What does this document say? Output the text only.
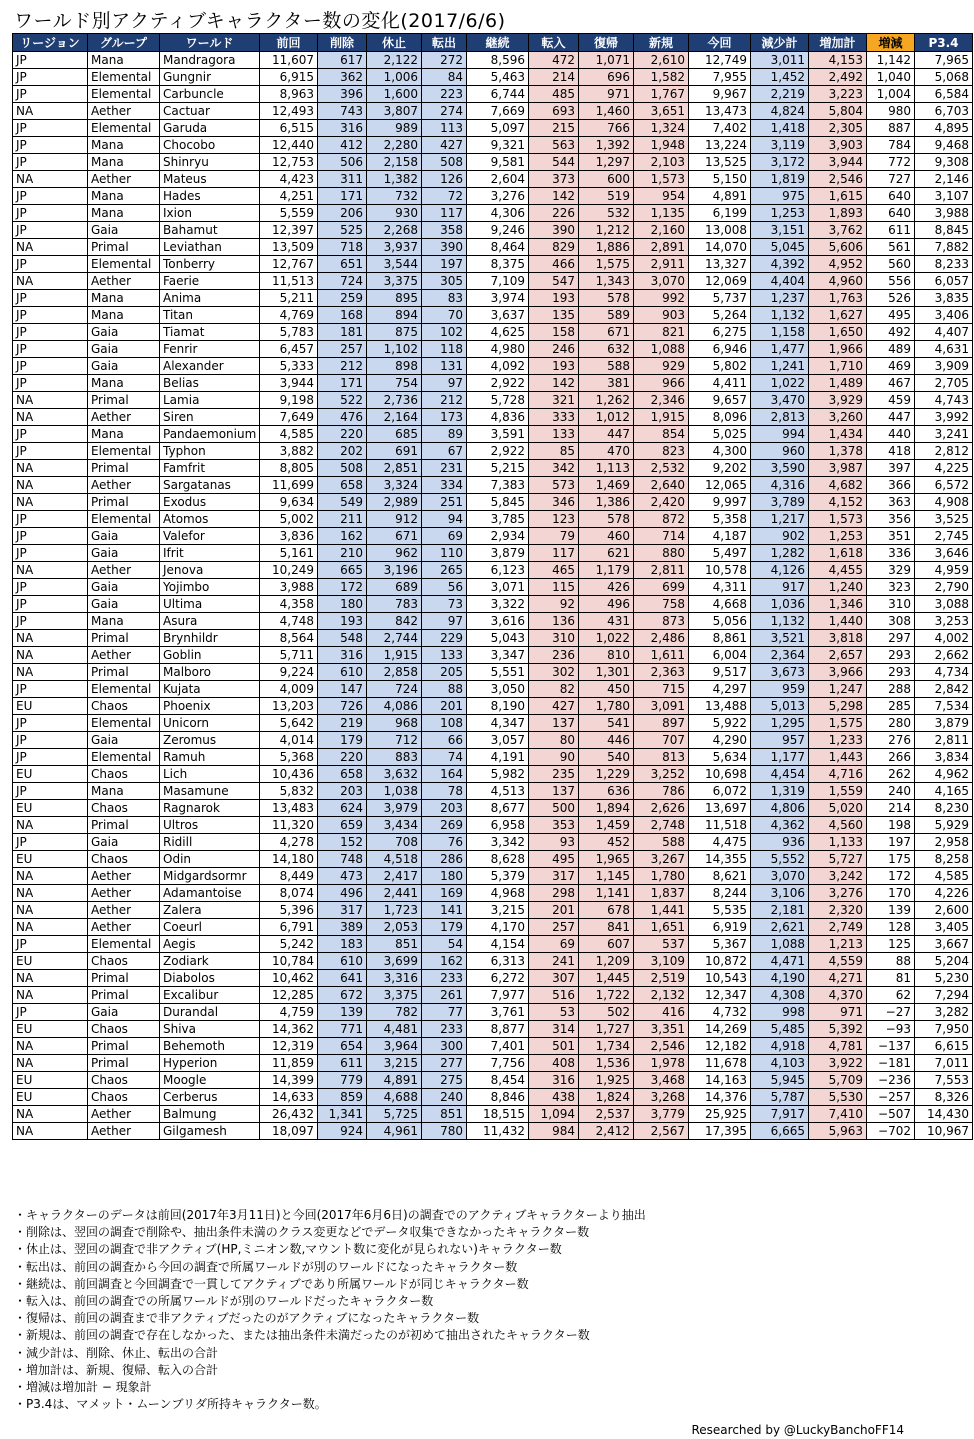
ワールド別アクティブキャラクター数の変化(2017/6/6)
リージョン	グループ	ワールド	前回	削除	休止	転出	継続	転入	復帰	新規	今回	減少計	増加計	増減	P3.4
JP	Mana	Mandragora	11,607	617	2,122	272	8,596	472	1,071	2,610	12,749	3,011	4,153	1,142	7,965
JP	Elemental	Gungnir	6,915	362	1,006	84	5,463	214	696	1,582	7,955	1,452	2,492	1,040	5,068
JP	Elemental	Carbuncle	8,963	396	1,600	223	6,744	485	971	1,767	9,967	2,219	3,223	1,004	6,584
NA	Aether	Cactuar	12,493	743	3,807	274	7,669	693	1,460	3,651	13,473	4,824	5,804	980	6,703
JP	Elemental	Garuda	6,515	316	989	113	5,097	215	766	1,324	7,402	1,418	2,305	887	4,895
JP	Mana	Chocobo	12,440	412	2,280	427	9,321	563	1,392	1,948	13,224	3,119	3,903	784	9,468
JP	Mana	Shinryu	12,753	506	2,158	508	9,581	544	1,297	2,103	13,525	3,172	3,944	772	9,308
NA	Aether	Mateus	4,423	311	1,382	126	2,604	373	600	1,573	5,150	1,819	2,546	727	2,146
JP	Mana	Hades	4,251	171	732	72	3,276	142	519	954	4,891	975	1,615	640	3,107
JP	Mana	Ixion	5,559	206	930	117	4,306	226	532	1,135	6,199	1,253	1,893	640	3,988
JP	Gaia	Bahamut	12,397	525	2,268	358	9,246	390	1,212	2,160	13,008	3,151	3,762	611	8,845
NA	Primal	Leviathan	13,509	718	3,937	390	8,464	829	1,886	2,891	14,070	5,045	5,606	561	7,882
JP	Elemental	Tonberry	12,767	651	3,544	197	8,375	466	1,575	2,911	13,327	4,392	4,952	560	8,233
NA	Aether	Faerie	11,513	724	3,375	305	7,109	547	1,343	3,070	12,069	4,404	4,960	556	6,057
JP	Mana	Anima	5,211	259	895	83	3,974	193	578	992	5,737	1,237	1,763	526	3,835
JP	Mana	Titan	4,769	168	894	70	3,637	135	589	903	5,264	1,132	1,627	495	3,406
JP	Gaia	Tiamat	5,783	181	875	102	4,625	158	671	821	6,275	1,158	1,650	492	4,407
JP	Gaia	Fenrir	6,457	257	1,102	118	4,980	246	632	1,088	6,946	1,477	1,966	489	4,631
JP	Gaia	Alexander	5,333	212	898	131	4,092	193	588	929	5,802	1,241	1,710	469	3,909
JP	Mana	Belias	3,944	171	754	97	2,922	142	381	966	4,411	1,022	1,489	467	2,705
NA	Primal	Lamia	9,198	522	2,736	212	5,728	321	1,262	2,346	9,657	3,470	3,929	459	4,743
NA	Aether	Siren	7,649	476	2,164	173	4,836	333	1,012	1,915	8,096	2,813	3,260	447	3,992
JP	Mana	Pandaemonium	4,585	220	685	89	3,591	133	447	854	5,025	994	1,434	440	3,241
JP	Elemental	Typhon	3,882	202	691	67	2,922	85	470	823	4,300	960	1,378	418	2,812
NA	Primal	Famfrit	8,805	508	2,851	231	5,215	342	1,113	2,532	9,202	3,590	3,987	397	4,225
NA	Aether	Sargatanas	11,699	658	3,324	334	7,383	573	1,469	2,640	12,065	4,316	4,682	366	6,572
NA	Primal	Exodus	9,634	549	2,989	251	5,845	346	1,386	2,420	9,997	3,789	4,152	363	4,908
JP	Elemental	Atomos	5,002	211	912	94	3,785	123	578	872	5,358	1,217	1,573	356	3,525
JP	Gaia	Valefor	3,836	162	671	69	2,934	79	460	714	4,187	902	1,253	351	2,745
JP	Gaia	Ifrit	5,161	210	962	110	3,879	117	621	880	5,497	1,282	1,618	336	3,646
NA	Aether	Jenova	10,249	665	3,196	265	6,123	465	1,179	2,811	10,578	4,126	4,455	329	4,959
JP	Gaia	Yojimbo	3,988	172	689	56	3,071	115	426	699	4,311	917	1,240	323	2,790
JP	Gaia	Ultima	4,358	180	783	73	3,322	92	496	758	4,668	1,036	1,346	310	3,088
JP	Mana	Asura	4,748	193	842	97	3,616	136	431	873	5,056	1,132	1,440	308	3,253
NA	Primal	Brynhildr	8,564	548	2,744	229	5,043	310	1,022	2,486	8,861	3,521	3,818	297	4,002
NA	Aether	Goblin	5,711	316	1,915	133	3,347	236	810	1,611	6,004	2,364	2,657	293	2,662
NA	Primal	Malboro	9,224	610	2,858	205	5,551	302	1,301	2,363	9,517	3,673	3,966	293	4,734
JP	Elemental	Kujata	4,009	147	724	88	3,050	82	450	715	4,297	959	1,247	288	2,842
EU	Chaos	Phoenix	13,203	726	4,086	201	8,190	427	1,780	3,091	13,488	5,013	5,298	285	7,534
JP	Elemental	Unicorn	5,642	219	968	108	4,347	137	541	897	5,922	1,295	1,575	280	3,879
JP	Gaia	Zeromus	4,014	179	712	66	3,057	80	446	707	4,290	957	1,233	276	2,811
JP	Elemental	Ramuh	5,368	220	883	74	4,191	90	540	813	5,634	1,177	1,443	266	3,834
EU	Chaos	Lich	10,436	658	3,632	164	5,982	235	1,229	3,252	10,698	4,454	4,716	262	4,962
JP	Mana	Masamune	5,832	203	1,038	78	4,513	137	636	786	6,072	1,319	1,559	240	4,165
EU	Chaos	Ragnarok	13,483	624	3,979	203	8,677	500	1,894	2,626	13,697	4,806	5,020	214	8,230
NA	Primal	Ultros	11,320	659	3,434	269	6,958	353	1,459	2,748	11,518	4,362	4,560	198	5,929
JP	Gaia	Ridill	4,278	152	708	76	3,342	93	452	588	4,475	936	1,133	197	2,958
EU	Chaos	Odin	14,180	748	4,518	286	8,628	495	1,965	3,267	14,355	5,552	5,727	175	8,258
NA	Aether	Midgardsormr	8,449	473	2,417	180	5,379	317	1,145	1,780	8,621	3,070	3,242	172	4,585
NA	Aether	Adamantoise	8,074	496	2,441	169	4,968	298	1,141	1,837	8,244	3,106	3,276	170	4,226
NA	Aether	Zalera	5,396	317	1,723	141	3,215	201	678	1,441	5,535	2,181	2,320	139	2,600
NA	Aether	Coeurl	6,791	389	2,053	179	4,170	257	841	1,651	6,919	2,621	2,749	128	3,405
JP	Elemental	Aegis	5,242	183	851	54	4,154	69	607	537	5,367	1,088	1,213	125	3,667
EU	Chaos	Zodiark	10,784	610	3,699	162	6,313	241	1,209	3,109	10,872	4,471	4,559	88	5,204
NA	Primal	Diabolos	10,462	641	3,316	233	6,272	307	1,445	2,519	10,543	4,190	4,271	81	5,230
NA	Primal	Excalibur	12,285	672	3,375	261	7,977	516	1,722	2,132	12,347	4,308	4,370	62	7,294
JP	Gaia	Durandal	4,759	139	782	77	3,761	53	502	416	4,732	998	971	−27	3,282
EU	Chaos	Shiva	14,362	771	4,481	233	8,877	314	1,727	3,351	14,269	5,485	5,392	−93	7,950
NA	Primal	Behemoth	12,319	654	3,964	300	7,401	501	1,734	2,546	12,182	4,918	4,781	−137	6,615
NA	Primal	Hyperion	11,859	611	3,215	277	7,756	408	1,536	1,978	11,678	4,103	3,922	−181	7,011
EU	Chaos	Moogle	14,399	779	4,891	275	8,454	316	1,925	3,468	14,163	5,945	5,709	−236	7,553
EU	Chaos	Cerberus	14,633	859	4,688	240	8,846	438	1,824	3,268	14,376	5,787	5,530	−257	8,326
NA	Aether	Balmung	26,432	1,341	5,725	851	18,515	1,094	2,537	3,779	25,925	7,917	7,410	−507	14,430
NA	Aether	Gilgamesh	18,097	924	4,961	780	11,432	984	2,412	2,567	17,395	6,665	5,963	−702	10,967
・キャラクターのデータは前回(2017年3月11日)と今回(2017年6月6日)の調査でのアクティブキャラクターより抽出
・削除は、翌回の調査で削除や、抽出条件未満のクラス変更などでデータ収集できなかったキャラクター数
・休止は、翌回の調査で非アクティブ(HP,ミニオン数,マウント数に変化が見られない)キャラクター数
・転出は、前回の調査から今回の調査で所属ワールドが別のワールドになったキャラクター数
・継続は、前回調査と今回調査で一貫してアクティブであり所属ワールドが同じキャラクター数
・転入は、前回の調査での所属ワールドが別のワールドだったキャラクター数
・復帰は、前回の調査まで非アクティブだったのがアクティブになったキャラクター数
・新規は、前回の調査で存在しなかった、または抽出条件未満だったのが初めて抽出されたキャラクター数
・減少計は、削除、休止、転出の合計
・増加計は、新規、復帰、転入の合計
・増減は増加計 − 現象計
・P3.4は、マメット・ムーンブリダ所持キャラクター数。
Researched by @LuckyBanchoFF14
